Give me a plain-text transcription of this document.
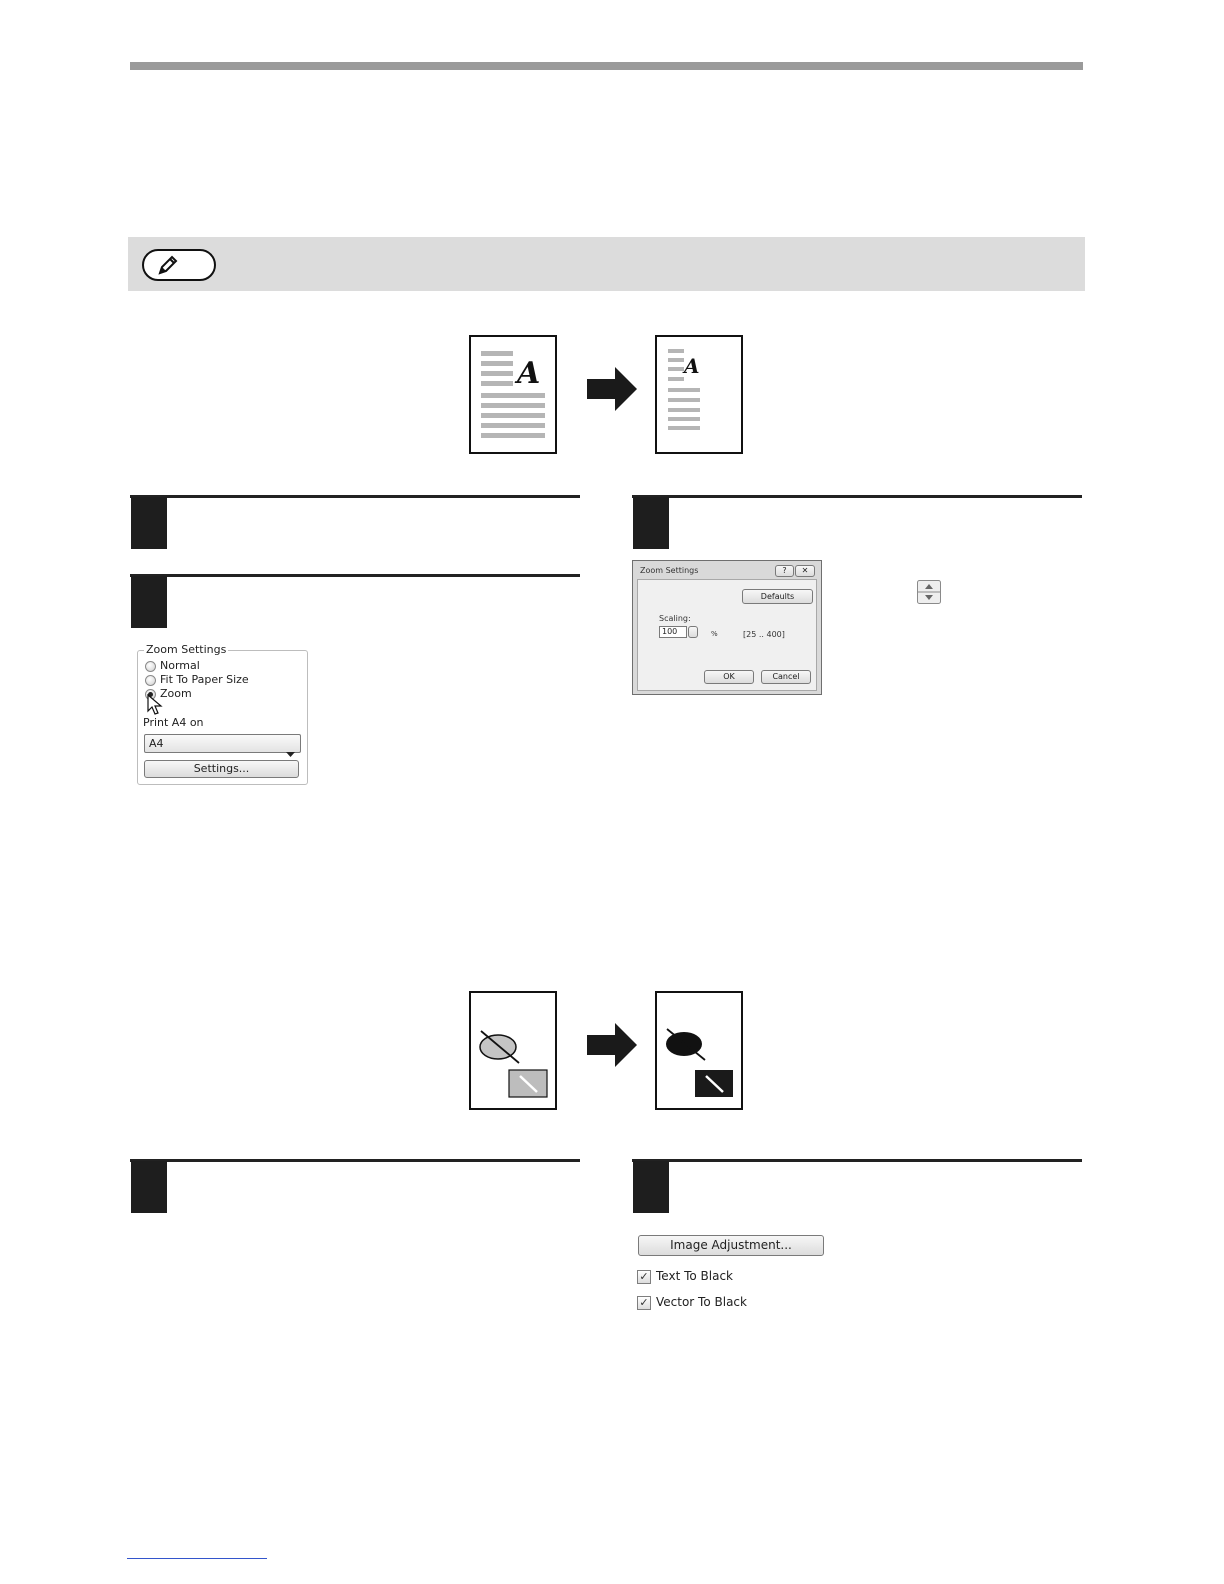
A	A
Zoom Settings
Normal
Fit To Paper Size
Zoom
Print A4 on
A4
Settings...
Zoom Settings	?	✕
Defaults
Scaling:
100	%	[25 .. 400]
OK	Cancel
Image Adjustment...
✓ Text To Black
✓ Vector To Black
